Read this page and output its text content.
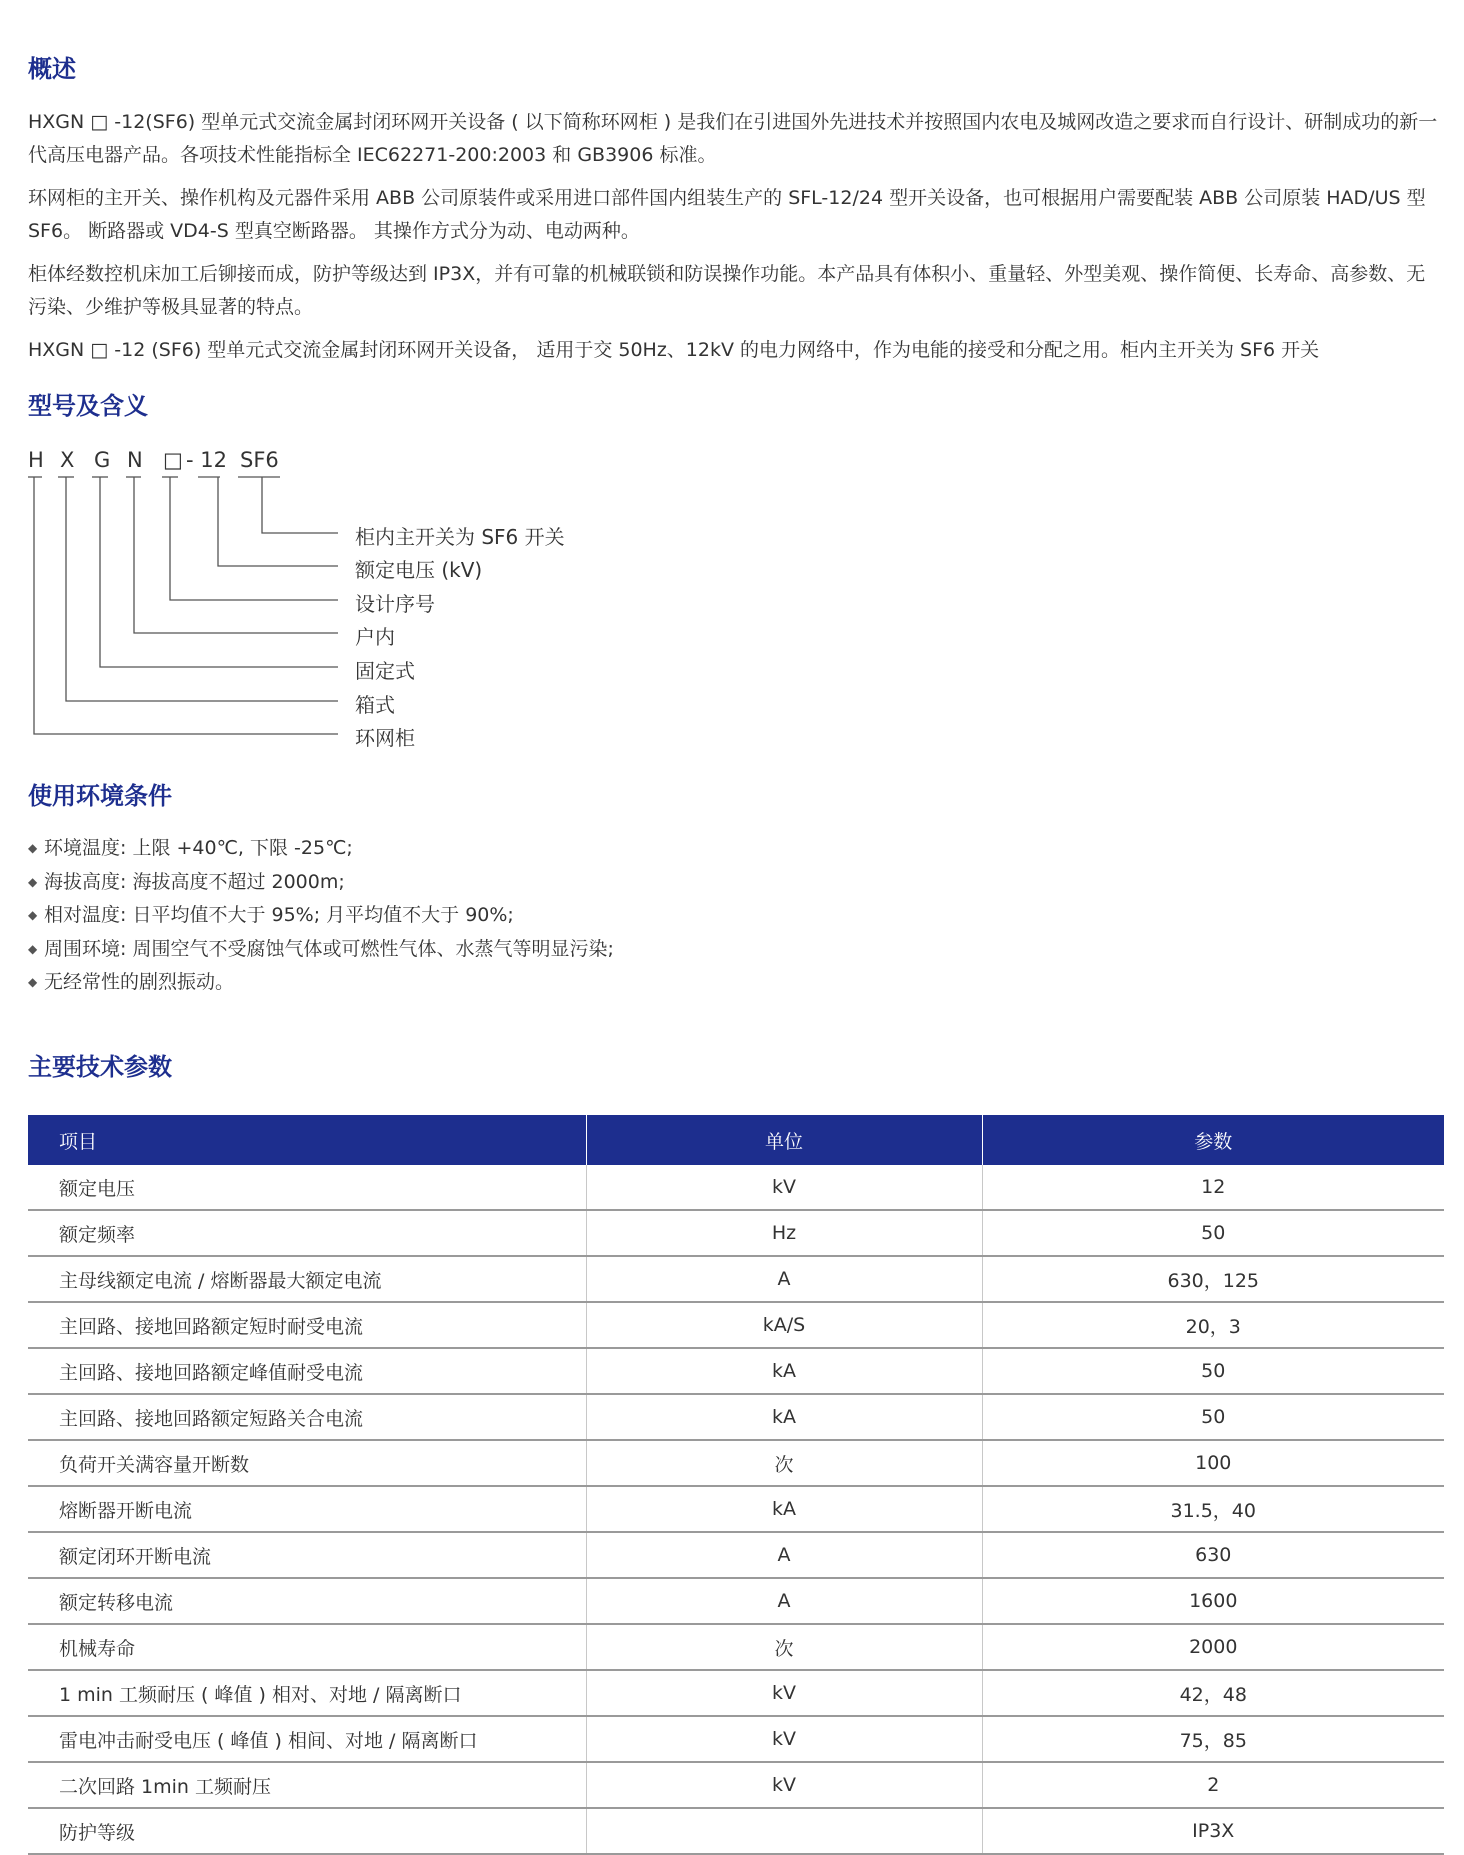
概述

HXGN □ -12(SF6) 型单元式交流金属封闭环网开关设备 ( 以下简称环网柜 ) 是我们在引进国外先进技术并按照国内农电及城网改造之要求而自行设计、研制成功的新一代高压电器产品。各项技术性能指标全 IEC62271-200:2003 和 GB3906 标准。

环网柜的主开关、操作机构及元器件采用 ABB 公司原装件或采用进口部件国内组装生产的 SFL-12/24 型开关设备，也可根据用户需要配装 ABB 公司原装 HAD/US 型 SF6。 断路器或 VD4-S 型真空断路器。 其操作方式分为动、电动两种。

柜体经数控机床加工后铆接而成，防护等级达到 IP3X，并有可靠的机械联锁和防误操作功能。本产品具有体积小、重量轻、外型美观、操作简便、长寿命、高参数、无污染、少维护等极具显著的特点。

HXGN □ -12 (SF6) 型单元式交流金属封闭环网开关设备， 适用于交 50Hz、12kV 的电力网络中，作为电能的接受和分配之用。柜内主开关为 SF6 开关

型号及含义
H X G N □ - 12 SF6
柜内主开关为 SF6 开关
额定电压 (kV)
设计序号
户内
固定式
箱式
环网柜
使用环境条件
◆ 环境温度: 上限 +40℃, 下限 -25℃;
◆ 海拔高度: 海拔高度不超过 2000m;
◆ 相对温度: 日平均值不大于 95%; 月平均值不大于 90%;
◆ 周围环境: 周围空气不受腐蚀气体或可燃性气体、水蒸气等明显污染;
◆ 无经常性的剧烈振动。
主要技术参数
项目	单位	参数
额定电压	kV	12
额定频率	Hz	50
主母线额定电流 / 熔断器最大额定电流	A	630，125
主回路、接地回路额定短时耐受电流	kA/S	20，3
主回路、接地回路额定峰值耐受电流	kA	50
主回路、接地回路额定短路关合电流	kA	50
负荷开关满容量开断数	次	100
熔断器开断电流	kA	31.5，40
额定闭环开断电流	A	630
额定转移电流	A	1600
机械寿命	次	2000
1 min 工频耐压 ( 峰值 ) 相对、对地 / 隔离断口	kV	42，48
雷电冲击耐受电压 ( 峰值 ) 相间、对地 / 隔离断口	kV	75，85
二次回路 1min 工频耐压	kV	2
防护等级		IP3X
